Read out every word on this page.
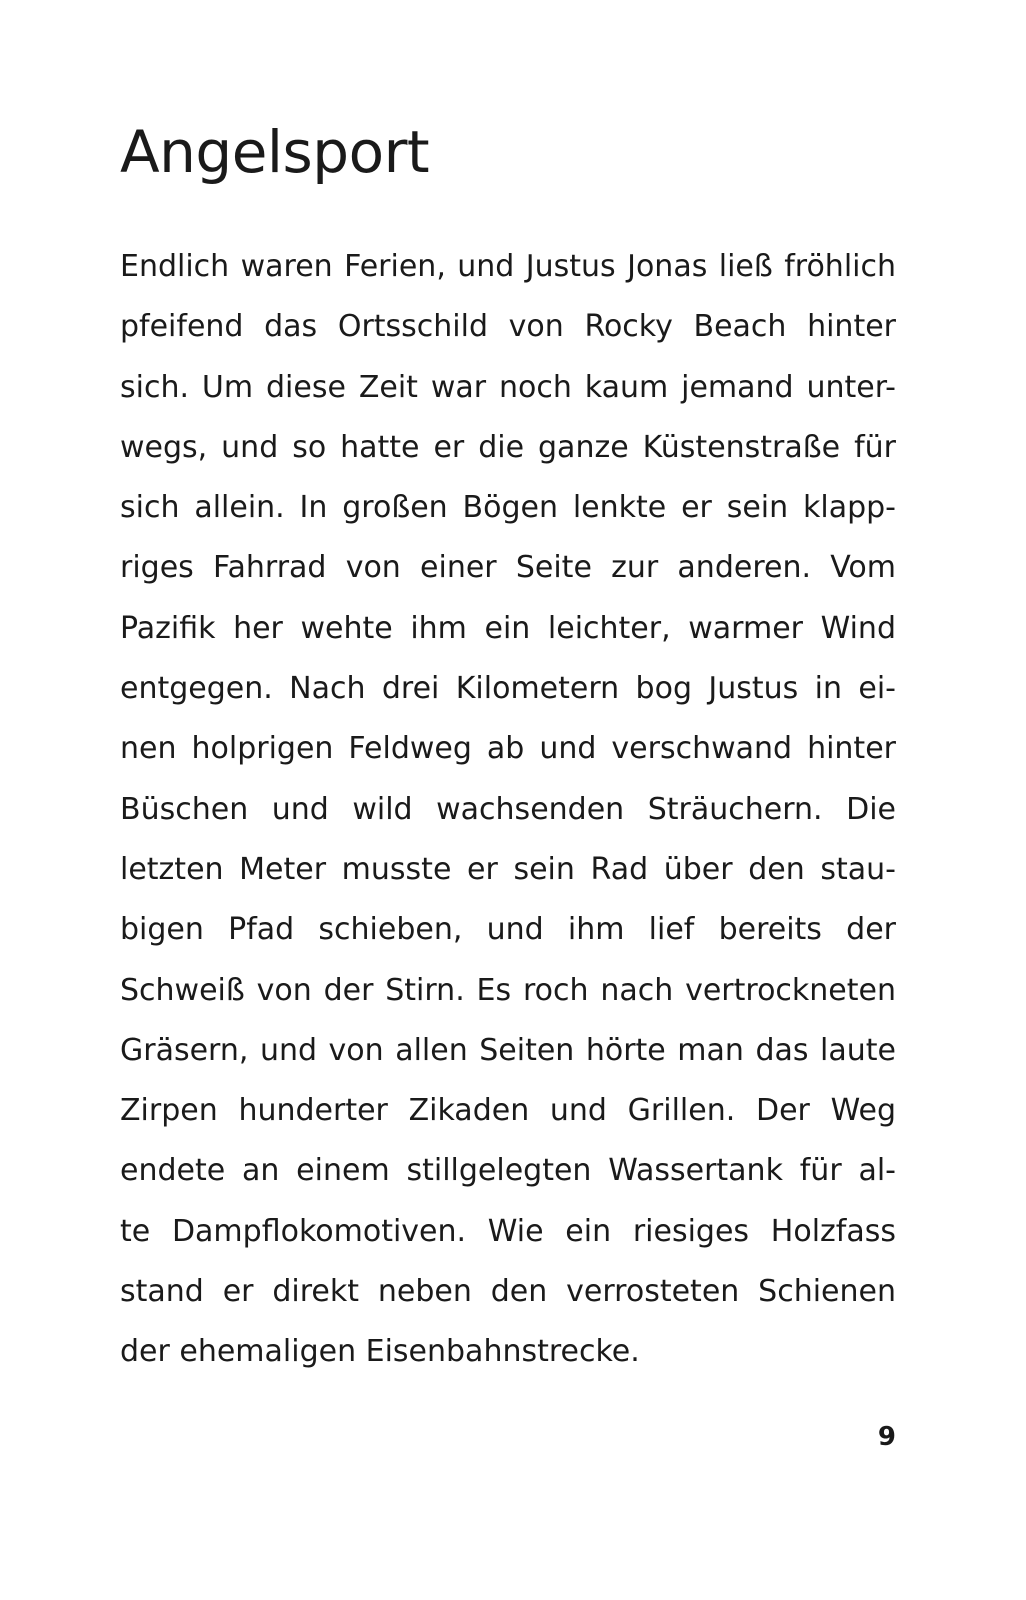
Angelsport
Endlich waren Ferien, und Justus Jonas ließ fröhlich
pfeifend das Ortsschild von Rocky Beach hinter
sich. Um diese Zeit war noch kaum jemand unter-
wegs, und so hatte er die ganze Küstenstraße für
sich allein. In großen Bögen lenkte er sein klapp-
riges Fahrrad von einer Seite zur anderen. Vom
Pazifik her wehte ihm ein leichter, warmer Wind
entgegen. Nach drei Kilometern bog Justus in ei-
nen holprigen Feldweg ab und verschwand hinter
Büschen und wild wachsenden Sträuchern. Die
letzten Meter musste er sein Rad über den stau-
bigen Pfad schieben, und ihm lief bereits der
Schweiß von der Stirn. Es roch nach vertrockneten
Gräsern, und von allen Seiten hörte man das laute
Zirpen hunderter Zikaden und Grillen. Der Weg
endete an einem stillgelegten Wassertank für al-
te Dampflokomotiven. Wie ein riesiges Holzfass
stand er direkt neben den verrosteten Schienen
der ehemaligen Eisenbahnstrecke.
9
